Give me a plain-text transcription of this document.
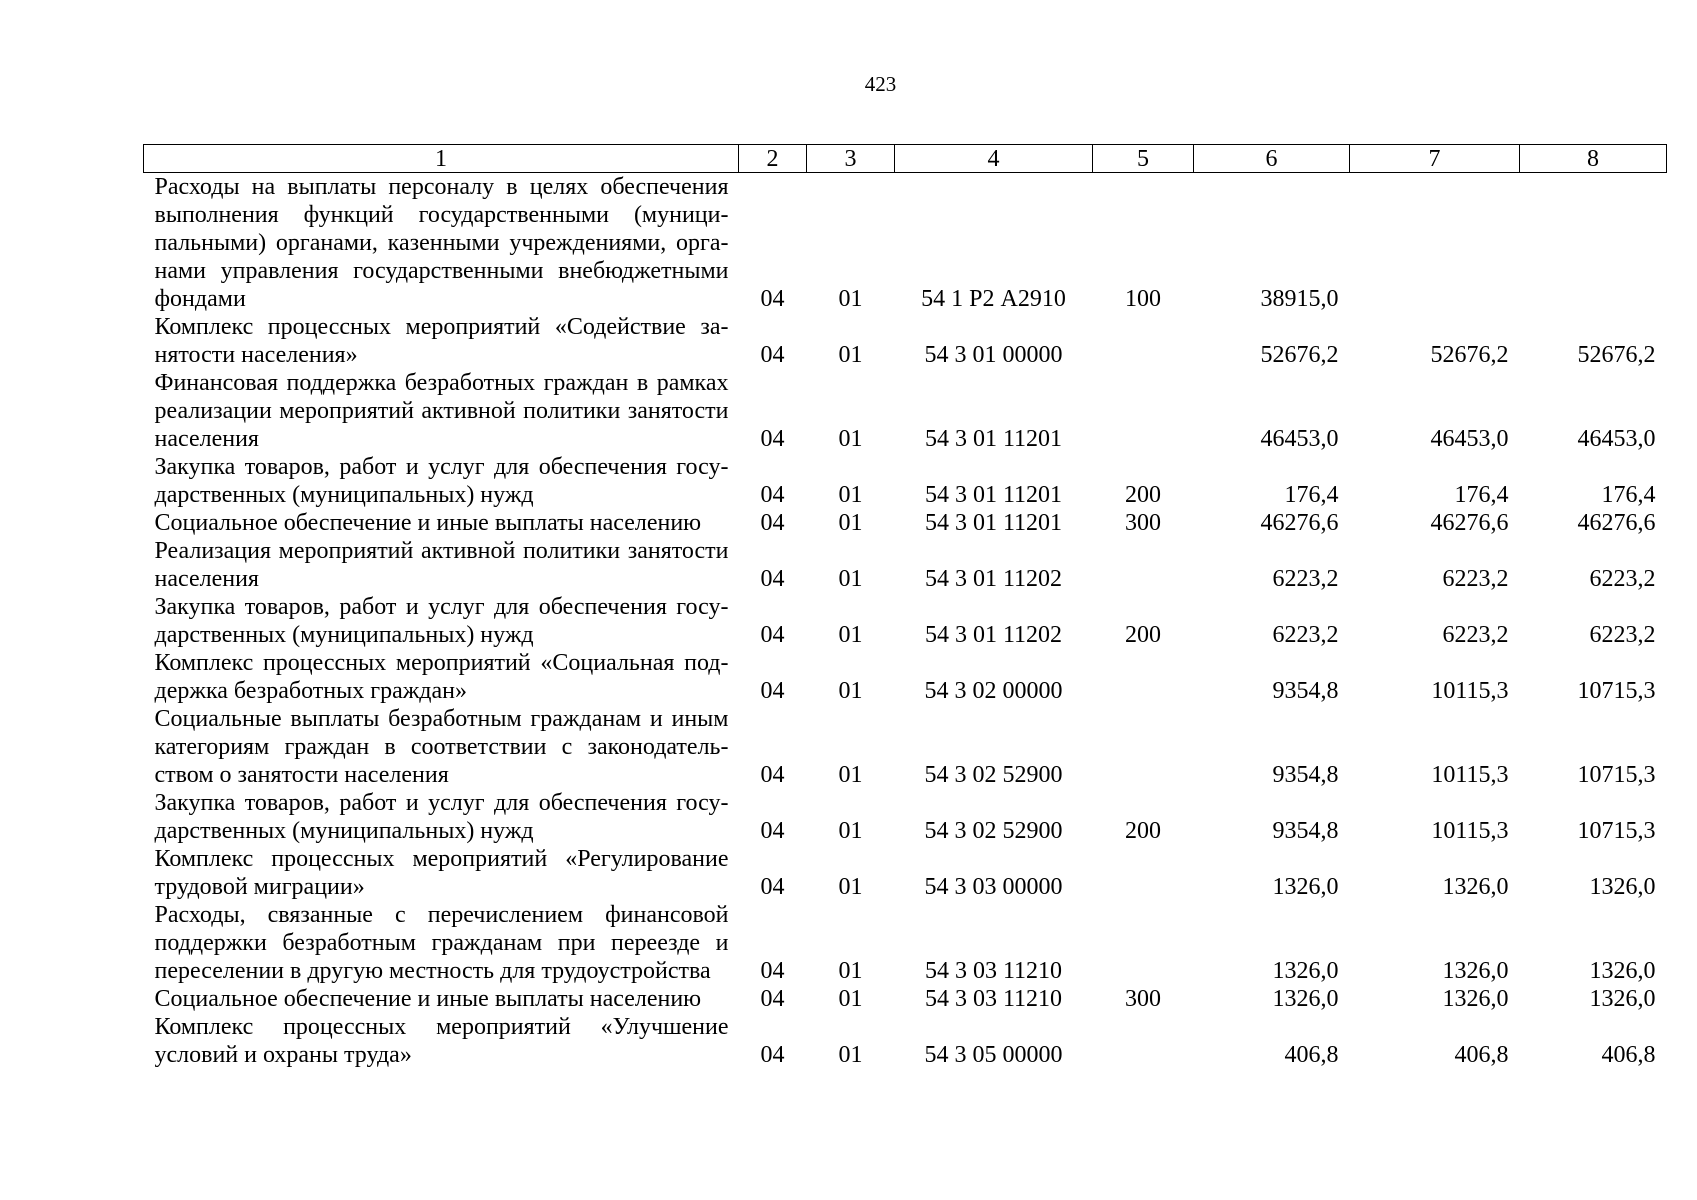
423
1	2	3	4	5	6	7	8
Расходы на выплаты персоналу в целях обеспечения выполнения функций государственными (муниципальными) органами, казенными учреждениями, органами управления государственными внебюджетными фондами	04	01	54 1 Р2 А2910	100	38915,0		
Комплекс процессных мероприятий «Содействие занятости населения»	04	01	54 3 01 00000		52676,2	52676,2	52676,2
Финансовая поддержка безработных граждан в рамках реализации мероприятий активной политики занятости населения	04	01	54 3 01 11201		46453,0	46453,0	46453,0
Закупка товаров, работ и услуг для обеспечения государственных (муниципальных) нужд	04	01	54 3 01 11201	200	176,4	176,4	176,4
Социальное обеспечение и иные выплаты населению	04	01	54 3 01 11201	300	46276,6	46276,6	46276,6
Реализация мероприятий активной политики занятости населения	04	01	54 3 01 11202		6223,2	6223,2	6223,2
Закупка товаров, работ и услуг для обеспечения государственных (муниципальных) нужд	04	01	54 3 01 11202	200	6223,2	6223,2	6223,2
Комплекс процессных мероприятий «Социальная поддержка безработных граждан»	04	01	54 3 02 00000		9354,8	10115,3	10715,3
Социальные выплаты безработным гражданам и иным категориям граждан в соответствии с законодательством о занятости населения	04	01	54 3 02 52900		9354,8	10115,3	10715,3
Закупка товаров, работ и услуг для обеспечения государственных (муниципальных) нужд	04	01	54 3 02 52900	200	9354,8	10115,3	10715,3
Комплекс процессных мероприятий «Регулирование трудовой миграции»	04	01	54 3 03 00000		1326,0	1326,0	1326,0
Расходы, связанные с перечислением финансовой поддержки безработным гражданам при переезде и переселении в другую местность для трудоустройства	04	01	54 3 03 11210		1326,0	1326,0	1326,0
Социальное обеспечение и иные выплаты населению	04	01	54 3 03 11210	300	1326,0	1326,0	1326,0
Комплекс процессных мероприятий «Улучшение условий и охраны труда»	04	01	54 3 05 00000		406,8	406,8	406,8
